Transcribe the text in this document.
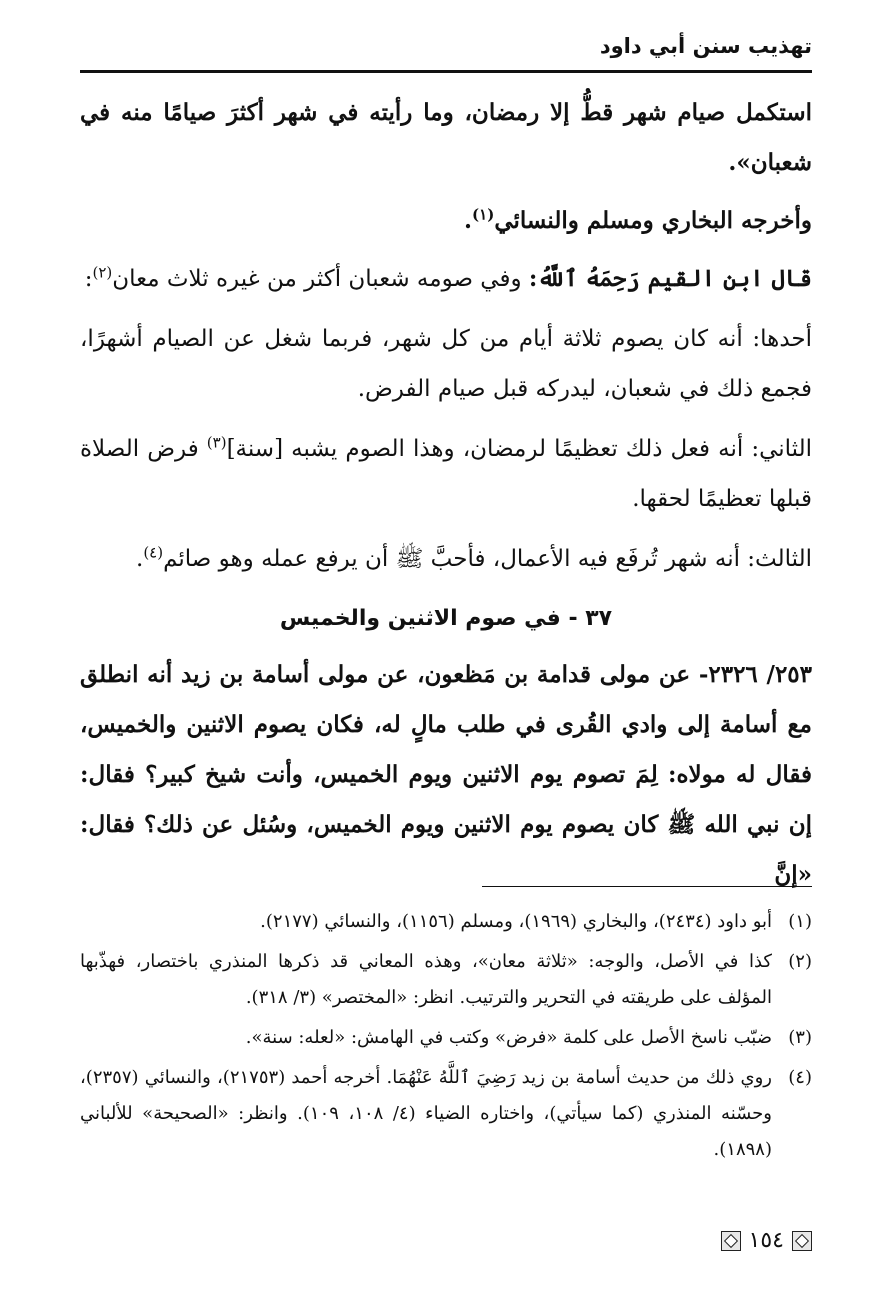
تهذيب سنن أبي داود

استكمل صيام شهر قطُّ إلا رمضان، وما رأيته في شهر أكثرَ صيامًا منه في شعبان».

وأخرجه البخاري ومسلم والنسائي$^{(١)}$.

قال ابن القيم رَحِمَهُ ٱللَّهُ: وفي صومه شعبان أكثر من غيره ثلاث معان$^{(٢)}$:

أحدها: أنه كان يصوم ثلاثة أيام من كل شهر، فربما شغل عن الصيام أشهرًا، فجمع ذلك في شعبان، ليدركه قبل صيام الفرض.

الثاني: أنه فعل ذلك تعظيمًا لرمضان، وهذا الصوم يشبه [سنة]$^{(٣)}$ فرض الصلاة قبلها تعظيمًا لحقها.

الثالث: أنه شهر تُرفَع فيه الأعمال، فأحبَّ ﷺ أن يرفع عمله وهو صائم$^{(٤)}$.

٣٧ - في صوم الاثنين والخميس

٢٥٣/ ٢٣٢٦- عن مولى قدامة بن مَظعون، عن مولى أسامة بن زيد أنه انطلق مع أسامة إلى وادي القُرى في طلب مالٍ له، فكان يصوم الاثنين والخميس، فقال له مولاه: لِمَ تصوم يوم الاثنين ويوم الخميس، وأنت شيخ كبير؟ فقال: إن نبي الله ﷺ كان يصوم يوم الاثنين ويوم الخميس، وسُئل عن ذلك؟ فقال: «إنَّ

(١)
أبو داود (٢٤٣٤)، والبخاري (١٩٦٩)، ومسلم (١١٥٦)، والنسائي (٢١٧٧).
(٢)
كذا في الأصل، والوجه: «ثلاثة معان»، وهذه المعاني قد ذكرها المنذري باختصار، فهذّبها المؤلف على طريقته في التحرير والترتيب. انظر: «المختصر» (٣/ ٣١٨).
(٣)
ضبّب ناسخ الأصل على كلمة «فرض» وكتب في الهامش: «لعله: سنة».
(٤)
روي ذلك من حديث أسامة بن زيد رَضِيَ ٱللَّهُ عَنْهُمَا. أخرجه أحمد (٢١٧٥٣)، والنسائي (٢٣٥٧)، وحسّنه المنذري (كما سيأتي)، واختاره الضياء (٤/ ١٠٨، ١٠٩). وانظر: «الصحيحة» للألباني (١٨٩٨).
١٥٤
